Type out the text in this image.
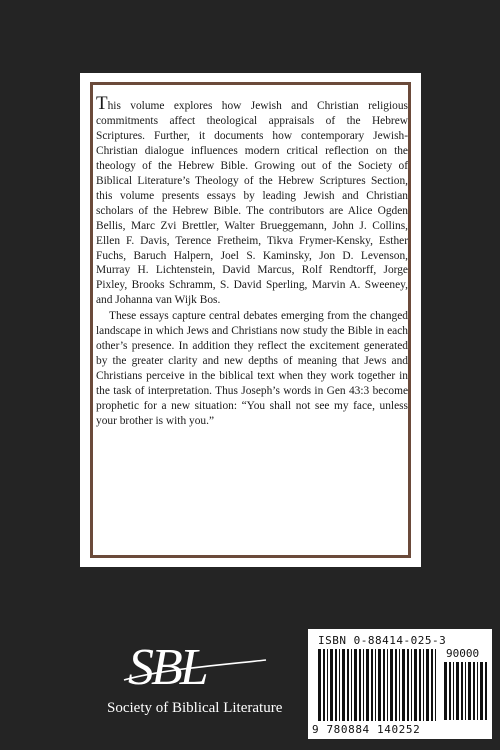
This volume explores how Jewish and Christian religious commitments affect theological appraisals of the Hebrew Scriptures. Further, it documents how contemporary Jewish-Christian dialogue influences modern critical reflection on the theology of the Hebrew Bible. Growing out of the Society of Biblical Literature’s Theology of the Hebrew Scriptures Section, this volume presents essays by leading Jewish and Christian scholars of the Hebrew Bible. The contributors are Alice Ogden Bellis, Marc Zvi Brettler, Walter Brueggemann, John J. Collins, Ellen F. Davis, Terence Fretheim, Tikva Frymer-Kensky, Esther Fuchs, Baruch Halpern, Joel S. Kaminsky, Jon D. Levenson, Murray H. Lichtenstein, David Marcus, Rolf Rendtorff, Jorge Pixley, Brooks Schramm, S. David Sperling, Marvin A. Sweeney, and Johanna van Wijk Bos.

These essays capture central debates emerging from the changed landscape in which Jews and Christians now study the Bible in each other’s presence. In addition they reflect the excitement generated by the greater clarity and new depths of meaning that Jews and Christians perceive in the biblical text when they work together in the task of interpretation. Thus Joseph’s words in Gen 43:3 become prophetic for a new situation: “You shall not see my face, unless your brother is with you.”

SBL
Society of Biblical Literature
ISBN 0-88414-025-3
90000
9 780884 140252
